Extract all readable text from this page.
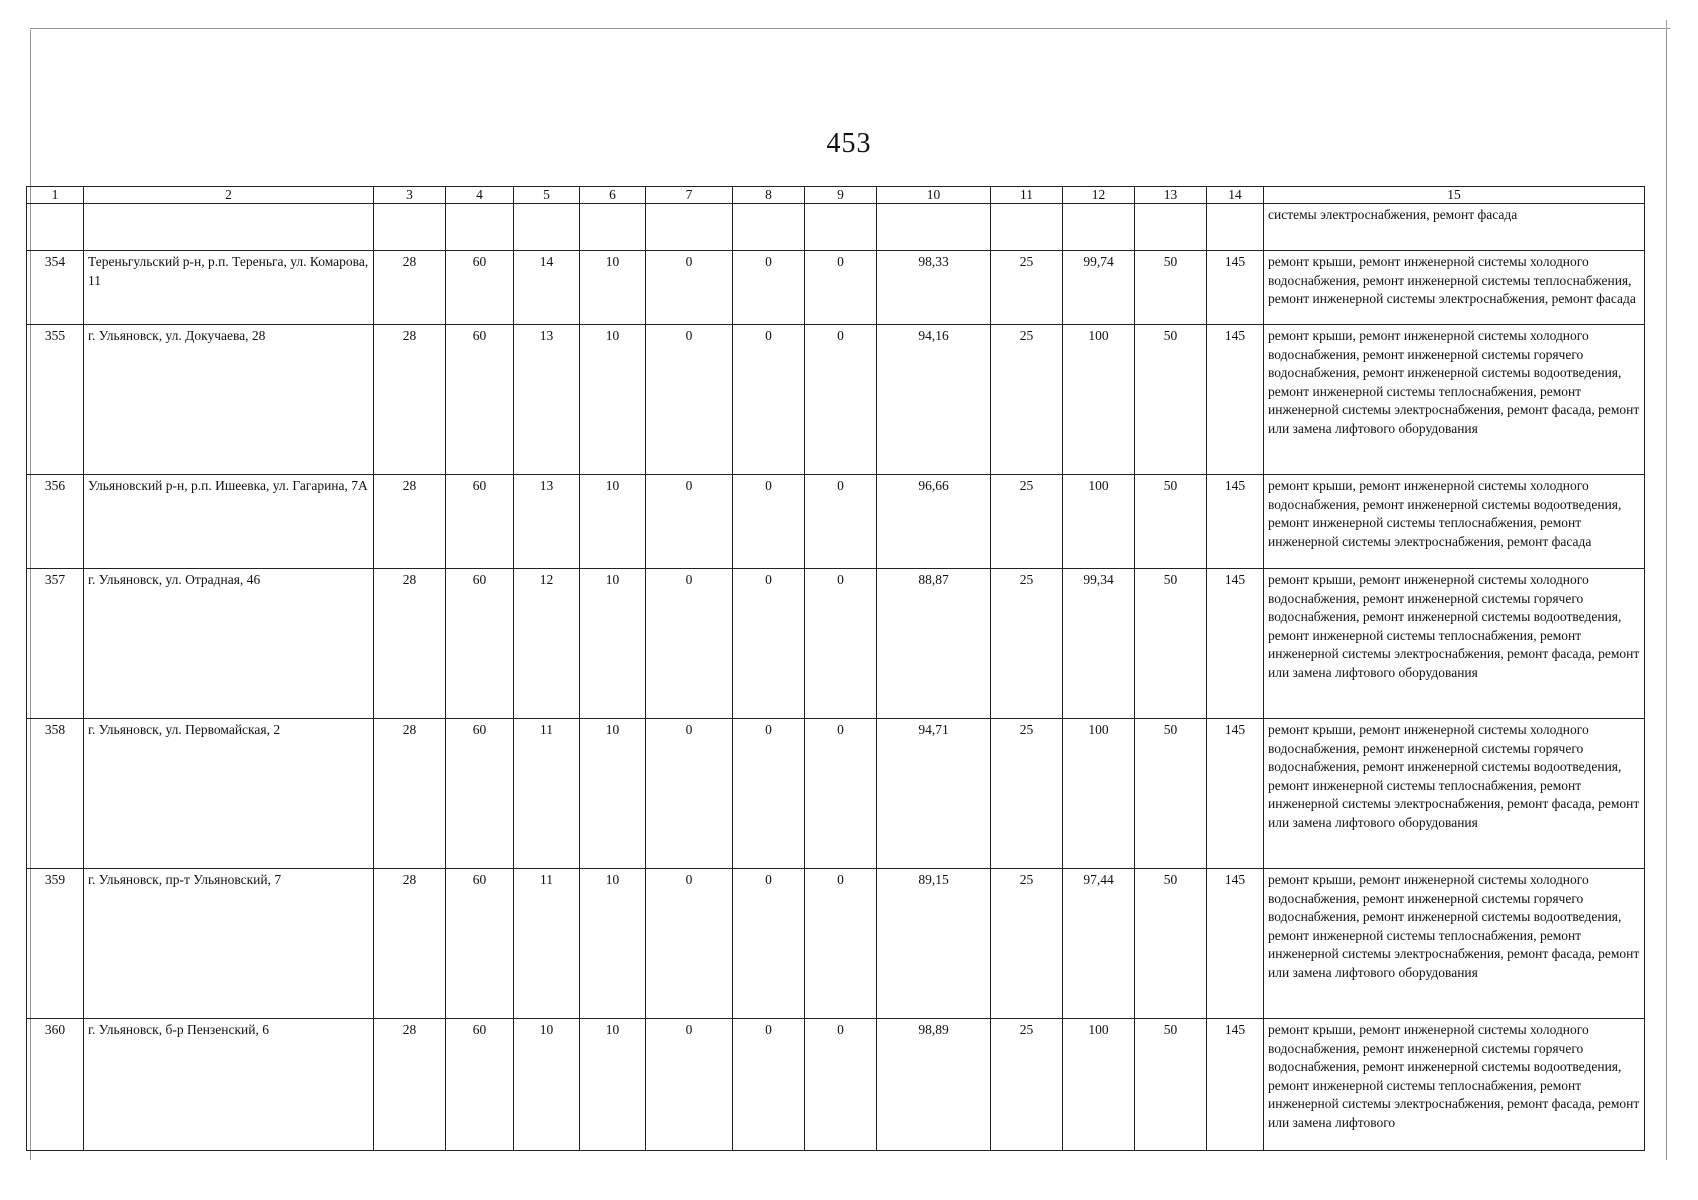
453
1	2	3	4	5	6	7	8	9	10	11	12	13	14	15
														системы электроснабжения, ремонт фасада
354	Тереньгульский р-н, р.п. Тереньга, ул. Комарова, 11	28	60	14	10	0	0	0	98,33	25	99,74	50	145	ремонт крыши, ремонт инженерной системы холодного водоснабжения, ремонт инженерной системы теплоснабжения, ремонт инженерной системы электроснабжения, ремонт фасада
355	г. Ульяновск, ул. Докучаева, 28	28	60	13	10	0	0	0	94,16	25	100	50	145	ремонт крыши, ремонт инженерной системы холодного водоснабжения, ремонт инженерной системы горячего водоснабжения, ремонт инженерной системы водоотведения, ремонт инженерной системы теплоснабжения, ремонт инженерной системы электроснабжения, ремонт фасада, ремонт или замена лифтового оборудования
356	Ульяновский р-н, р.п. Ишеевка, ул. Гагарина, 7А	28	60	13	10	0	0	0	96,66	25	100	50	145	ремонт крыши, ремонт инженерной системы холодного водоснабжения, ремонт инженерной системы водоотведения, ремонт инженерной системы теплоснабжения, ремонт инженерной системы электроснабжения, ремонт фасада
357	г. Ульяновск, ул. Отрадная, 46	28	60	12	10	0	0	0	88,87	25	99,34	50	145	ремонт крыши, ремонт инженерной системы холодного водоснабжения, ремонт инженерной системы горячего водоснабжения, ремонт инженерной системы водоотведения, ремонт инженерной системы теплоснабжения, ремонт инженерной системы электроснабжения, ремонт фасада, ремонт или замена лифтового оборудования
358	г. Ульяновск, ул. Первомайская, 2	28	60	11	10	0	0	0	94,71	25	100	50	145	ремонт крыши, ремонт инженерной системы холодного водоснабжения, ремонт инженерной системы горячего водоснабжения, ремонт инженерной системы водоотведения, ремонт инженерной системы теплоснабжения, ремонт инженерной системы электроснабжения, ремонт фасада, ремонт или замена лифтового оборудования
359	г. Ульяновск, пр-т Ульяновский, 7	28	60	11	10	0	0	0	89,15	25	97,44	50	145	ремонт крыши, ремонт инженерной системы холодного водоснабжения, ремонт инженерной системы горячего водоснабжения, ремонт инженерной системы водоотведения, ремонт инженерной системы теплоснабжения, ремонт инженерной системы электроснабжения, ремонт фасада, ремонт или замена лифтового оборудования
360	г. Ульяновск, б-р Пензенский, 6	28	60	10	10	0	0	0	98,89	25	100	50	145	ремонт крыши, ремонт инженерной системы холодного водоснабжения, ремонт инженерной системы горячего водоснабжения, ремонт инженерной системы водоотведения, ремонт инженерной системы теплоснабжения, ремонт инженерной системы электроснабжения, ремонт фасада, ремонт или замена лифтового
